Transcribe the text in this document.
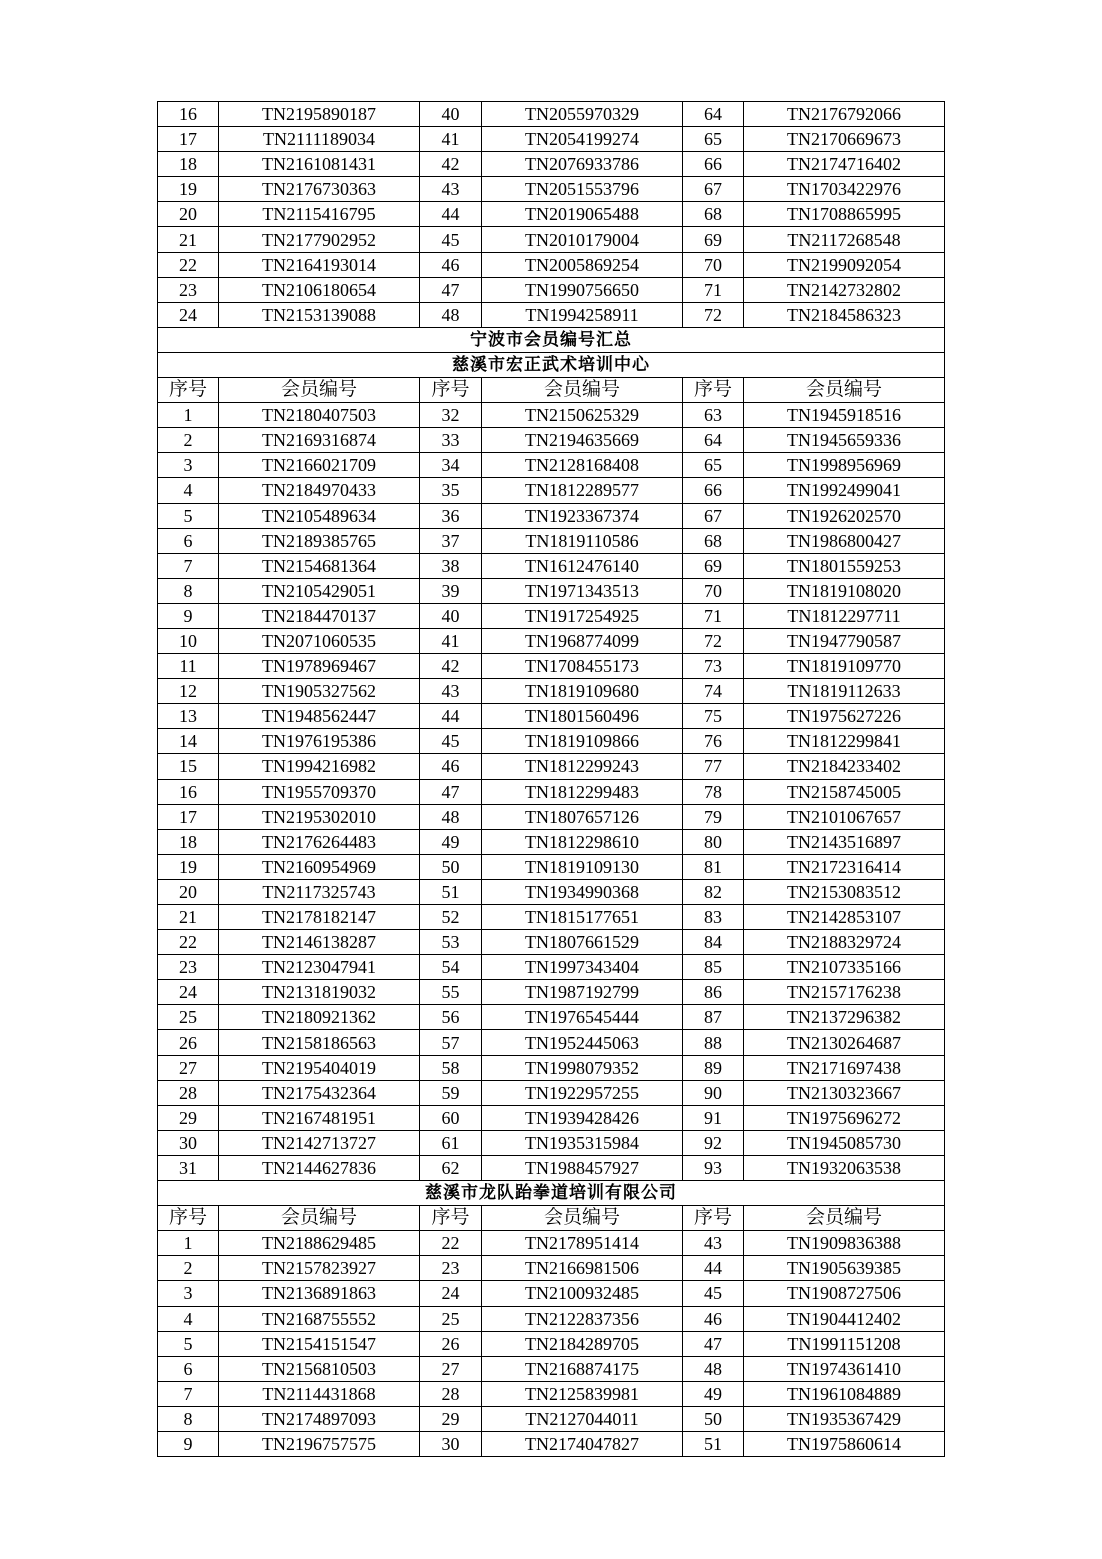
16	TN2195890187	40	TN2055970329	64	TN2176792066
17	TN2111189034	41	TN2054199274	65	TN2170669673
18	TN2161081431	42	TN2076933786	66	TN2174716402
19	TN2176730363	43	TN2051553796	67	TN1703422976
20	TN2115416795	44	TN2019065488	68	TN1708865995
21	TN2177902952	45	TN2010179004	69	TN2117268548
22	TN2164193014	46	TN2005869254	70	TN2199092054
23	TN2106180654	47	TN1990756650	71	TN2142732802
24	TN2153139088	48	TN1994258911	72	TN2184586323
宁波市会员编号汇总					
慈溪市宏正武术培训中心					
序号	会员编号	序号	会员编号	序号	会员编号
1	TN2180407503	32	TN2150625329	63	TN1945918516
2	TN2169316874	33	TN2194635669	64	TN1945659336
3	TN2166021709	34	TN2128168408	65	TN1998956969
4	TN2184970433	35	TN1812289577	66	TN1992499041
5	TN2105489634	36	TN1923367374	67	TN1926202570
6	TN2189385765	37	TN1819110586	68	TN1986800427
7	TN2154681364	38	TN1612476140	69	TN1801559253
8	TN2105429051	39	TN1971343513	70	TN1819108020
9	TN2184470137	40	TN1917254925	71	TN1812297711
10	TN2071060535	41	TN1968774099	72	TN1947790587
11	TN1978969467	42	TN1708455173	73	TN1819109770
12	TN1905327562	43	TN1819109680	74	TN1819112633
13	TN1948562447	44	TN1801560496	75	TN1975627226
14	TN1976195386	45	TN1819109866	76	TN1812299841
15	TN1994216982	46	TN1812299243	77	TN2184233402
16	TN1955709370	47	TN1812299483	78	TN2158745005
17	TN2195302010	48	TN1807657126	79	TN2101067657
18	TN2176264483	49	TN1812298610	80	TN2143516897
19	TN2160954969	50	TN1819109130	81	TN2172316414
20	TN2117325743	51	TN1934990368	82	TN2153083512
21	TN2178182147	52	TN1815177651	83	TN2142853107
22	TN2146138287	53	TN1807661529	84	TN2188329724
23	TN2123047941	54	TN1997343404	85	TN2107335166
24	TN2131819032	55	TN1987192799	86	TN2157176238
25	TN2180921362	56	TN1976545444	87	TN2137296382
26	TN2158186563	57	TN1952445063	88	TN2130264687
27	TN2195404019	58	TN1998079352	89	TN2171697438
28	TN2175432364	59	TN1922957255	90	TN2130323667
29	TN2167481951	60	TN1939428426	91	TN1975696272
30	TN2142713727	61	TN1935315984	92	TN1945085730
31	TN2144627836	62	TN1988457927	93	TN1932063538
慈溪市龙队跆拳道培训有限公司					
序号	会员编号	序号	会员编号	序号	会员编号
1	TN2188629485	22	TN2178951414	43	TN1909836388
2	TN2157823927	23	TN2166981506	44	TN1905639385
3	TN2136891863	24	TN2100932485	45	TN1908727506
4	TN2168755552	25	TN2122837356	46	TN1904412402
5	TN2154151547	26	TN2184289705	47	TN1991151208
6	TN2156810503	27	TN2168874175	48	TN1974361410
7	TN2114431868	28	TN2125839981	49	TN1961084889
8	TN2174897093	29	TN2127044011	50	TN1935367429
9	TN2196757575	30	TN2174047827	51	TN1975860614
